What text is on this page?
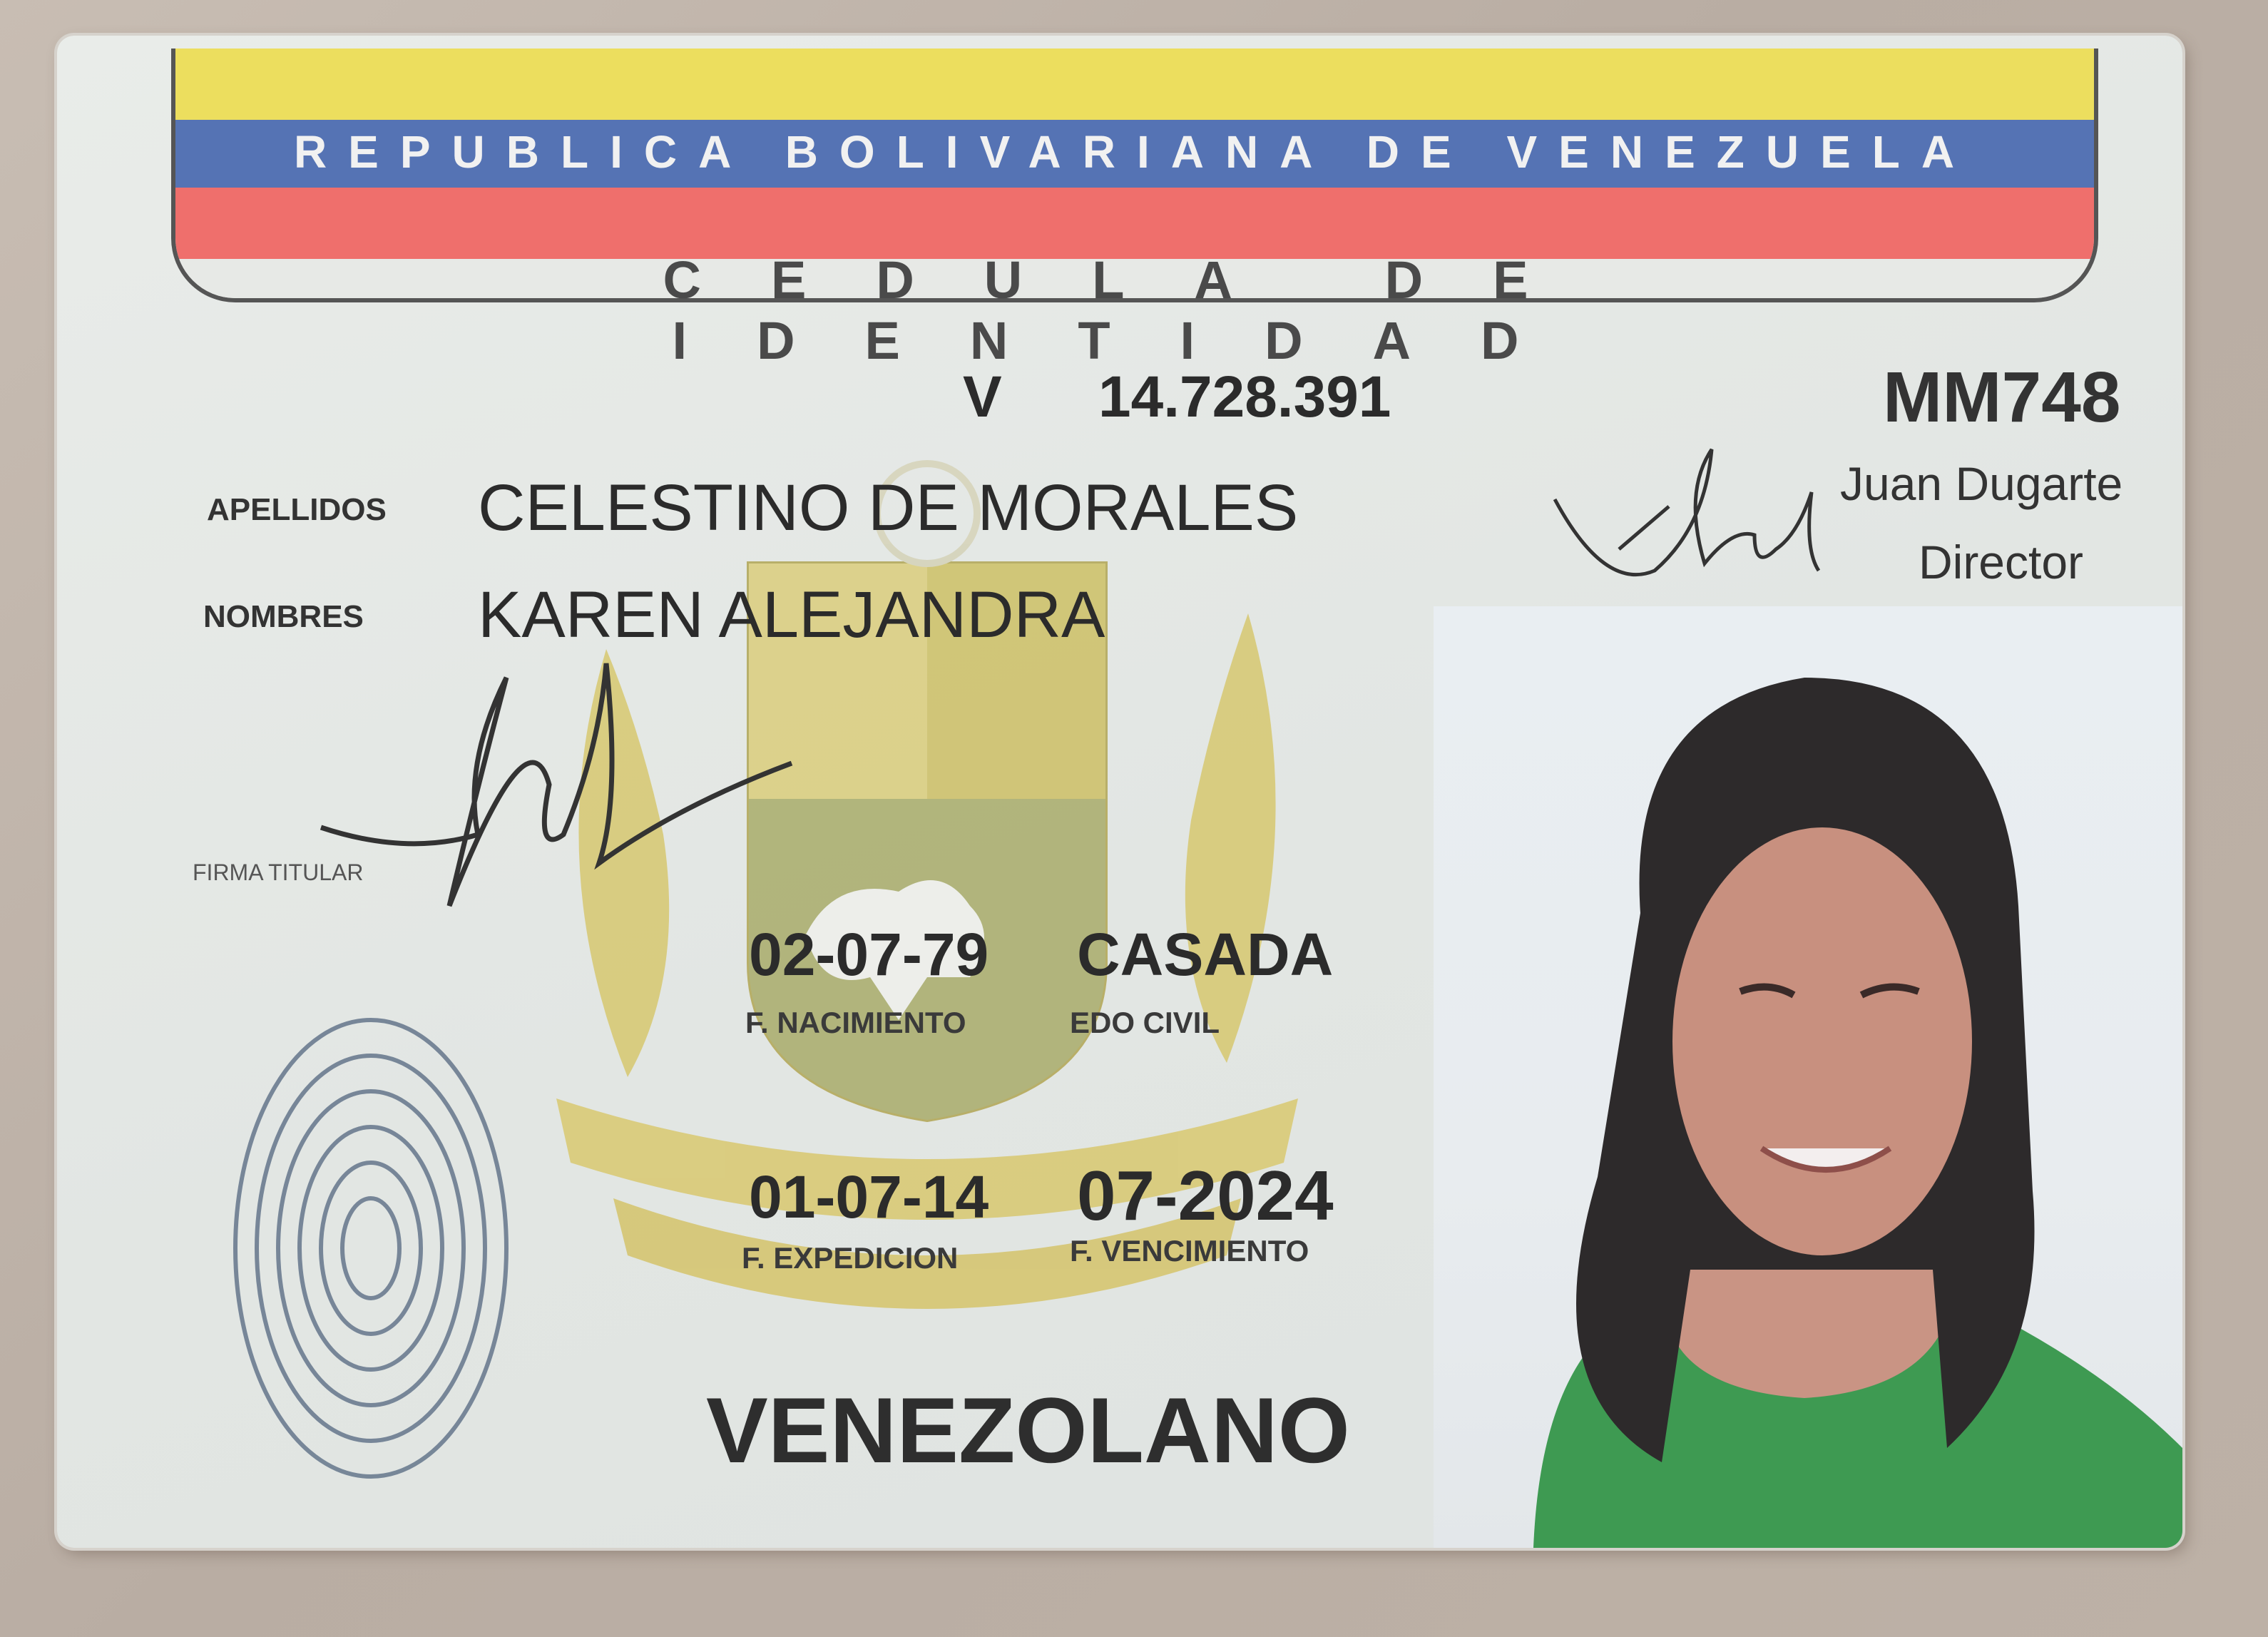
REPUBLICA BOLIVARIANA DE VENEZUELA
CEDULA DE IDENTIDAD
V 14.728.391	MM748
Juan Dugarte
Director
APELLIDOS CELESTINO DE MORALES
NOMBRES KAREN ALEJANDRA
FIRMA TITULAR
02-07-79 CASADA
F. NACIMIENTO	EDO CIVIL
01-07-14 07-2024
F. EXPEDICION	F. VENCIMIENTO
VENEZOLANO
